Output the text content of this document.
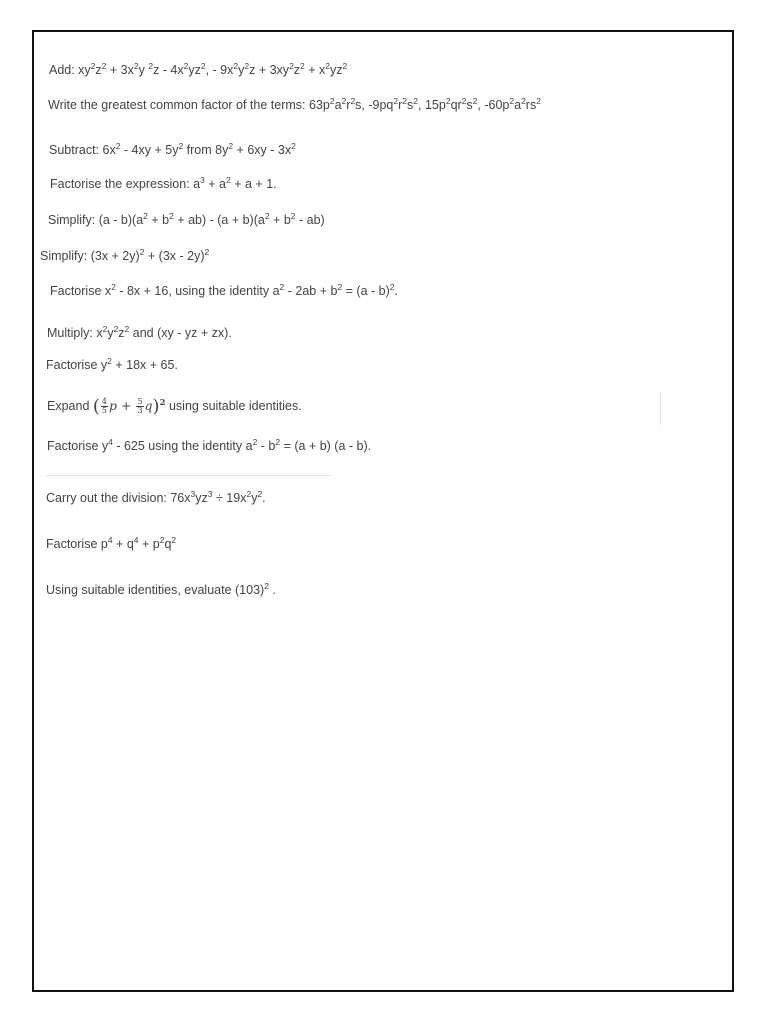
Add: $xy^2z^2 + 3x^2y$ $^2z - 4x^2yz^2$, - $9x^2y^2z + 3xy^2z^2 + x^2yz^2$
Write the greatest common factor of the terms: $63p^2a^2r^2s$, $-9pq^2r^2s^2$, $15p^2qr^2s^2$, $-60p^2a^2rs^2$
Subtract: $6x^2 - 4xy + 5y^2$ from $8y^2 + 6xy - 3x^2$
Factorise the expression: $a^3 + a^2 + a + 1$.
Simplify: $(a - b)(a^2 + b^2 + ab) - (a + b)(a^2 + b^2 - ab)$
Simplify: $(3x + 2y)^2 + (3x - 2y)^2$
Factorise $x^2 - 8x + 16$, using the identity $a^2 - 2ab + b^2 = (a - b)^2$.
Multiply: $x^2y^2z^2$ and (xy - yz + zx).
Factorise $y^2 + 18x + 65$.
Expand ( $\frac{4}{5}$ $p + \frac{5}{3} q)^2$ using suitable identities.
Factorise $y^4 - 625$ using the identity $a^2 - b^2 = (a + b)$ (a - b).
Carry out the division: $76x^3yz^3 \div 19x^2y^2$.
Factorise $p^4 + q^4 + p^2q^2$
Using suitable identities, evaluate $(103)^2$ .
